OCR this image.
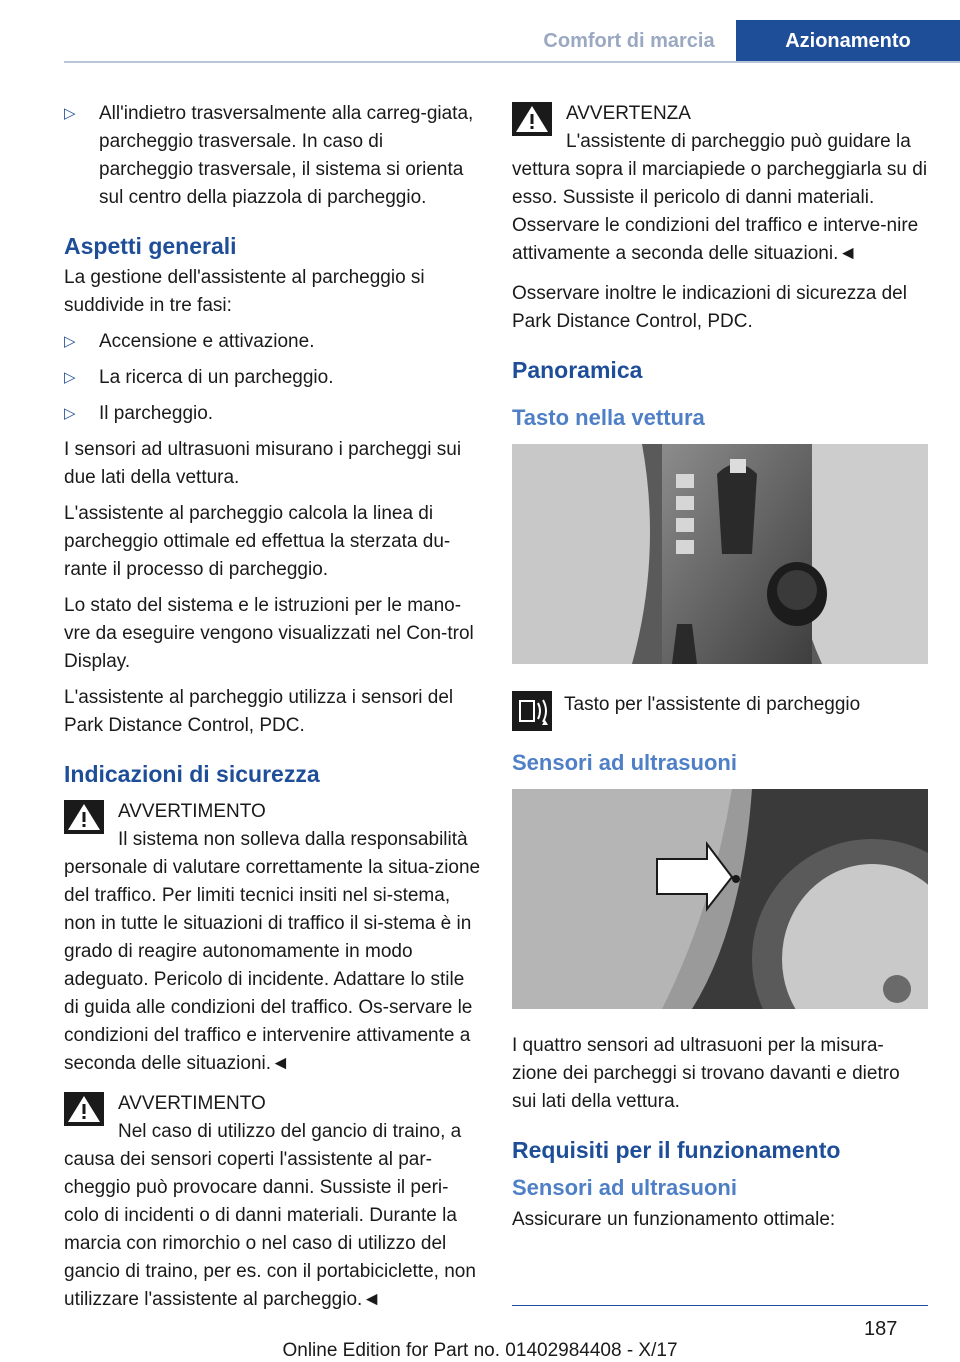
Comfort di marcia	Azionamento
▷ All'indietro trasversalmente alla carreg‐giata, parcheggio trasversale. In caso di parcheggio trasversale, il sistema si orienta sul centro della piazzola di parcheggio.
Aspetti generali

La gestione dell'assistente al parcheggio si suddivide in tre fasi:

▷ Accensione e attivazione.
▷ La ricerca di un parcheggio.
▷ Il parcheggio.

I sensori ad ultrasuoni misurano i parcheggi sui due lati della vettura.

L'assistente al parcheggio calcola la linea di parcheggio ottimale ed effettua la sterzata du‐rante il processo di parcheggio.

Lo stato del sistema e le istruzioni per le mano‐vre da eseguire vengono visualizzati nel Con‐trol Display.

L'assistente al parcheggio utilizza i sensori del Park Distance Control, PDC.

Indicazioni di sicurezza
AVVERTIMENTO
Il sistema non solleva dalla responsabilità personale di valutare correttamente la situa‐zione del traffico. Per limiti tecnici insiti nel si‐stema, non in tutte le situazioni di traffico il si‐stema è in grado di reagire autonomamente in modo adeguato. Pericolo di incidente. Adattare lo stile di guida alle condizioni del traffico. Os‐servare le condizioni del traffico e intervenire attivamente a seconda delle situazioni.◄
AVVERTIMENTO
Nel caso di utilizzo del gancio di traino, a causa dei sensori coperti l'assistente al par‐cheggio può provocare danni. Sussiste il peri‐colo di incidenti o di danni materiali. Durante la marcia con rimorchio o nel caso di utilizzo del gancio di traino, per es. con il portabiciclette, non utilizzare l'assistente al parcheggio.◄
AVVERTENZA
L'assistente di parcheggio può guidare la vettura sopra il marciapiede o parcheggiarla su di esso. Sussiste il pericolo di danni materiali. Osservare le condizioni del traffico e interve‐nire attivamente a seconda delle situazioni.◄

Osservare inoltre le indicazioni di sicurezza del Park Distance Control, PDC.

Panoramica
Tasto nella vettura
Tasto per l'assistente di parcheggio
Sensori ad ultrasuoni

I quattro sensori ad ultrasuoni per la misura‐zione dei parcheggi si trovano davanti e dietro sui lati della vettura.

Requisiti per il funzionamento
Sensori ad ultrasuoni

Assicurare un funzionamento ottimale:

187
Online Edition for Part no. 01402984408 - X/17
